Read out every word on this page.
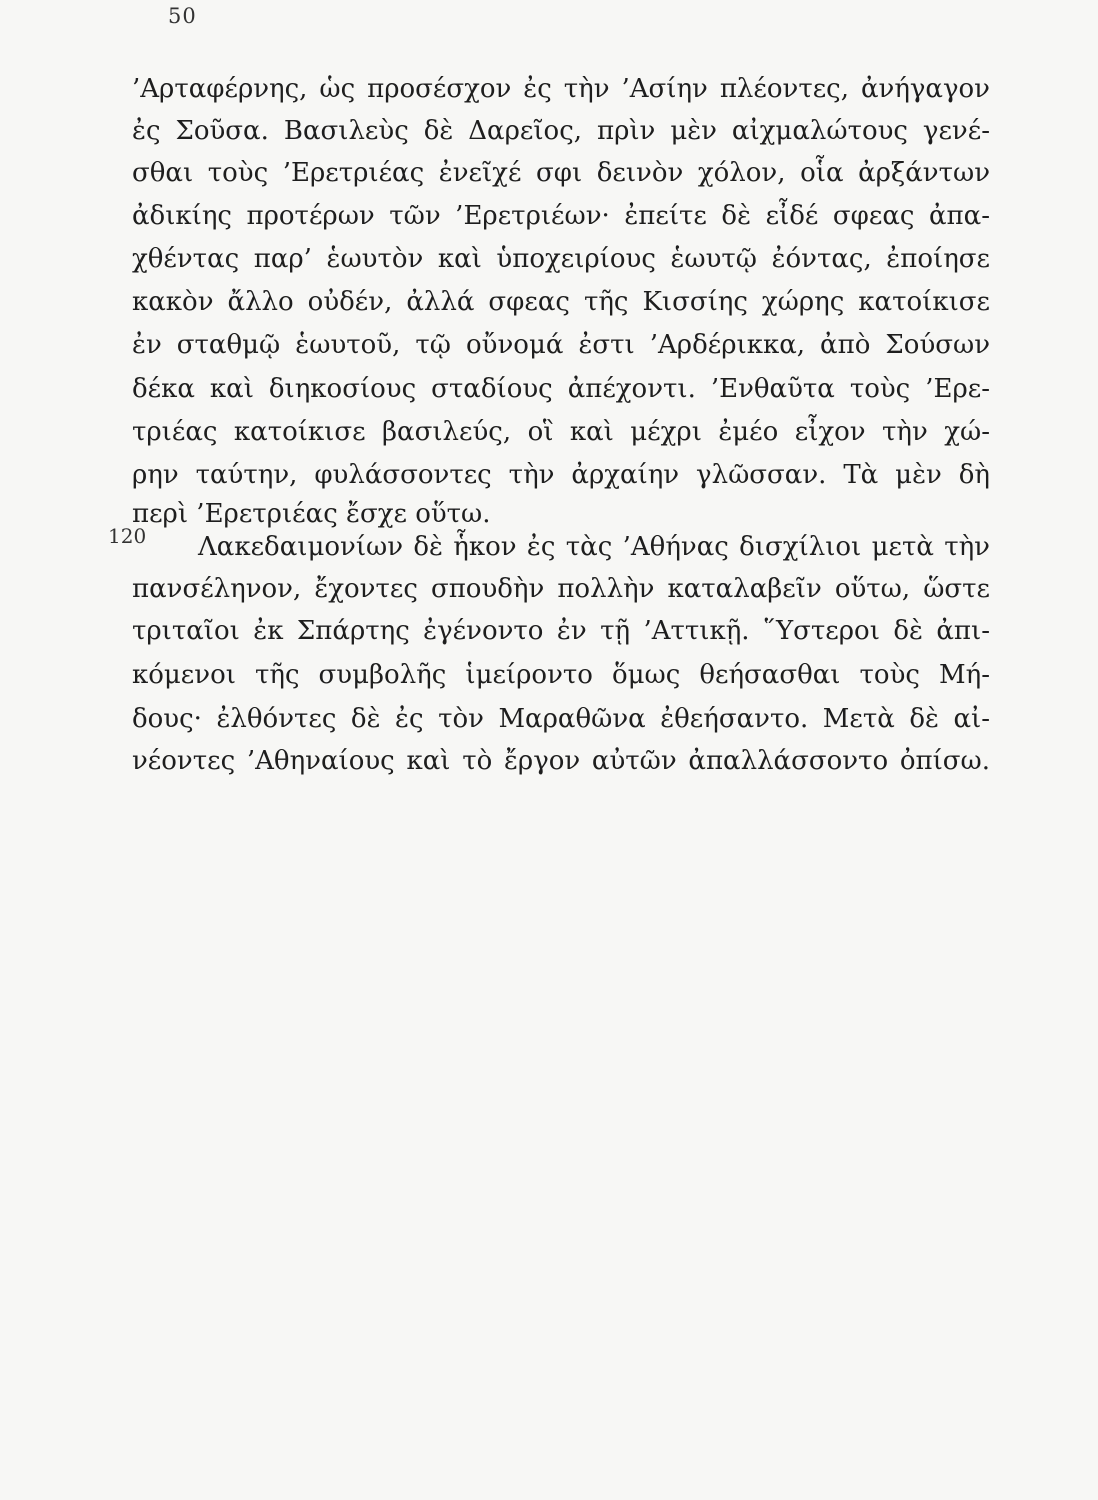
50
120
’Αρταφέρνης, ὡς προσέσχον ἐς τὴν ’Ασίην πλέοντες, ἀνήγαγον
ἐς Σοῦσα. Βασιλεὺς δὲ Δαρεῖος, πρὶν μὲν αἰχμαλώτους γενέ-
σθαι τοὺς ’Ερετριέας ἐνεῖχέ σφι δεινὸν χόλον, οἷα ἀρξάντων
ἀδικίης προτέρων τῶν ’Ερετριέων· ἐπείτε δὲ εἶδέ σφεας ἀπα-
χθέντας παρ’ ἑωυτὸν καὶ ὑποχειρίους ἑωυτῷ ἐόντας, ἐποίησε
κακὸν ἄλλο οὐδέν, ἀλλά σφεας τῆς Κισσίης χώρης κατοίκισε
ἐν σταθμῷ ἑωυτοῦ, τῷ οὔνομά ἐστι ’Αρδέρικκα, ἀπὸ Σούσων
δέκα καὶ διηκοσίους σταδίους ἀπέχοντι. ’Ενθαῦτα τοὺς ’Ερε-
τριέας κατοίκισε βασιλεύς, οἳ καὶ μέχρι ἐμέο εἶχον τὴν χώ-
ρην ταύτην, φυλάσσοντες τὴν ἀρχαίην γλῶσσαν. Τὰ μὲν δὴ
περὶ ’Ερετριέας ἔσχε οὕτω.
Λακεδαιμονίων δὲ ἧκον ἐς τὰς ’Αθήνας δισχίλιοι μετὰ τὴν
πανσέληνον, ἔχοντες σπουδὴν πολλὴν καταλαβεῖν οὕτω, ὥστε
τριταῖοι ἐκ Σπάρτης ἐγένοντο ἐν τῇ ’Αττικῇ. ῞Υστεροι δὲ ἀπι-
κόμενοι τῆς συμβολῆς ἱμείροντο ὅμως θεήσασθαι τοὺς Μή-
δους· ἐλθόντες δὲ ἐς τὸν Μαραθῶνα ἐθεήσαντο. Μετὰ δὲ αἰ-
νέοντες ’Αθηναίους καὶ τὸ ἔργον αὐτῶν ἀπαλλάσσοντο ὀπίσω.
